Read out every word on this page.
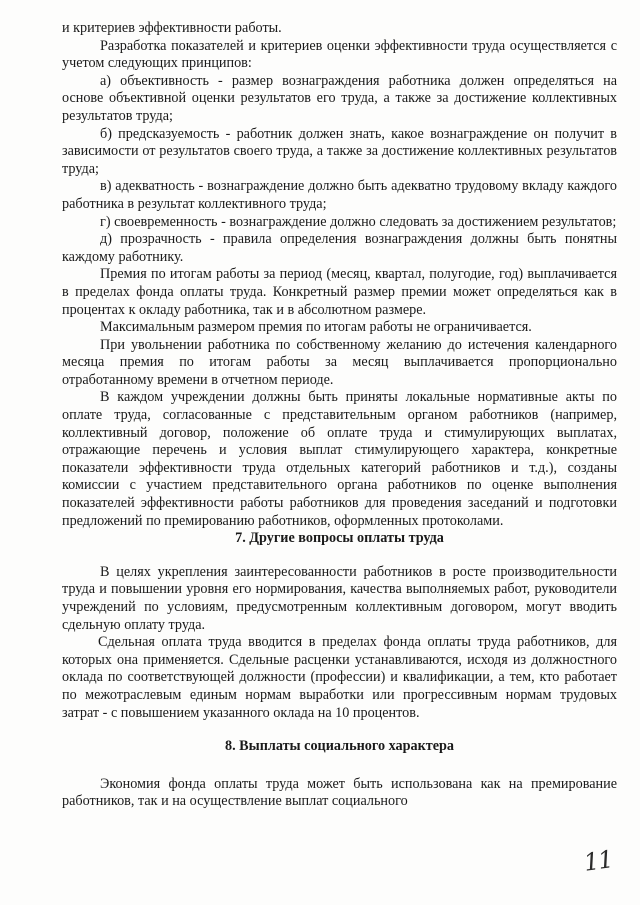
и критериев эффективности работы.

Разработка показателей и критериев оценки эффективности труда осуществляется с учетом следующих принципов:

а) объективность - размер вознаграждения работника должен определяться на основе объективной оценки результатов его труда, а также за достижение коллективных результатов труда;

б) предсказуемость - работник должен знать, какое вознаграждение он получит в зависимости от результатов своего труда, а также за достижение коллективных результатов труда;

в) адекватность - вознаграждение должно быть адекватно трудовому вкладу каждого работника в результат коллективного труда;

г) своевременность - вознаграждение должно следовать за достижением результатов;

д) прозрачность - правила определения вознаграждения должны быть понятны каждому работнику.

Премия по итогам работы за период (месяц, квартал, полугодие, год) выплачивается в пределах фонда оплаты труда. Конкретный размер премии может определяться как в процентах к окладу работника, так и в абсолютном размере.

Максимальным размером премия по итогам работы не ограничивается.

При увольнении работника по собственному желанию до истечения календарного месяца премия по итогам работы за месяц выплачивается пропорционально отработанному времени в отчетном периоде.

В каждом учреждении должны быть приняты локальные нормативные акты по оплате труда, согласованные с представительным органом работников (например, коллективный договор, положение об оплате труда и стимулирующих выплатах, отражающие перечень и условия выплат стимулирующего характера, конкретные показатели эффективности труда отдельных категорий работников и т.д.), созданы комиссии с участием представительного органа работников по оценке выполнения показателей эффективности работы работников для проведения заседаний и подготовки предложений по премированию работников, оформленных протоколами.

7. Другие вопросы оплаты труда

В целях укрепления заинтересованности работников в росте производительности труда и повышении уровня его нормирования, качества выполняемых работ, руководители учреждений по условиям, предусмотренным коллективным договором, могут вводить сдельную оплату труда.

Сдельная оплата труда вводится в пределах фонда оплаты труда работников, для которых она применяется. Сдельные расценки устанавливаются, исходя из должностного оклада по соответствующей должности (профессии) и квалификации, а тем, кто работает по межотраслевым единым нормам выработки или прогрессивным нормам трудовых затрат - с повышением указанного оклада на 10 процентов.

8. Выплаты социального характера

Экономия фонда оплаты труда может быть использована как на премирование работников, так и на осуществление выплат социального

11
